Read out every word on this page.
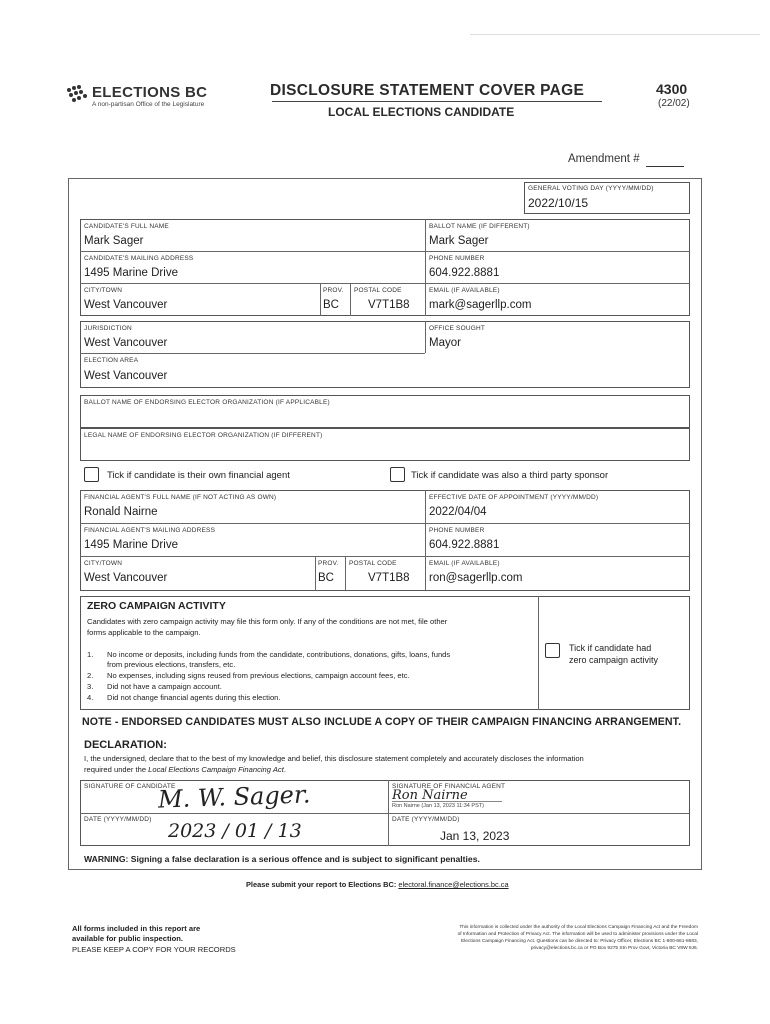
ELECTIONS BC
A non-partisan Office of the Legislature
DISCLOSURE STATEMENT COVER PAGE
LOCAL ELECTIONS CANDIDATE
4300
(22/02)
Amendment #
GENERAL VOTING DAY (YYYY/MM/DD)
2022/10/15
CANDIDATE'S FULL NAME
Mark Sager
BALLOT NAME (IF DIFFERENT)
Mark Sager
CANDIDATE'S MAILING ADDRESS
1495 Marine Drive
PHONE NUMBER
604.922.8881
CITY/TOWN
West Vancouver
PROV.
BC
POSTAL CODE
V7T1B8
EMAIL (IF AVAILABLE)
mark@sagerllp.com
JURISDICTION
West Vancouver
OFFICE SOUGHT
Mayor
ELECTION AREA
West Vancouver
BALLOT NAME OF ENDORSING ELECTOR ORGANIZATION (IF APPLICABLE)
LEGAL NAME OF ENDORSING ELECTOR ORGANIZATION (IF DIFFERENT)
Tick if candidate is their own financial agent	Tick if candidate was also a third party sponsor
FINANCIAL AGENT'S FULL NAME (IF NOT ACTING AS OWN)
Ronald Nairne
EFFECTIVE DATE OF APPOINTMENT (YYYY/MM/DD)
2022/04/04
FINANCIAL AGENT'S MAILING ADDRESS
1495 Marine Drive
PHONE NUMBER
604.922.8881
CITY/TOWN
West Vancouver
PROV.
BC
POSTAL CODE
V7T1B8
EMAIL (IF AVAILABLE)
ron@sagerllp.com
ZERO CAMPAIGN ACTIVITY
Candidates with zero campaign activity may file this form only. If any of the conditions are not met, file other
forms applicable to the campaign.
1. No income or deposits, including funds from the candidate, contributions, donations, gifts, loans, funds
from previous elections, transfers, etc.
2. No expenses, including signs reused from previous elections, campaign account fees, etc.
3. Did not have a campaign account.
4. Did not change financial agents during this election.
Tick if candidate had
zero campaign activity
NOTE - ENDORSED CANDIDATES MUST ALSO INCLUDE A COPY OF THEIR CAMPAIGN FINANCING ARRANGEMENT.
DECLARATION:
I, the undersigned, declare that to the best of my knowledge and belief, this disclosure statement completely and accurately discloses the information
required under the Local Elections Campaign Financing Act.
SIGNATURE OF CANDIDATE
M. W. Sager.	SIGNATURE OF FINANCIAL AGENT
Ron Nairne
Ron Nairne (Jan 13, 2023 11:34 PST)
DATE (YYYY/MM/DD)
2023 / 01 / 13
DATE (YYYY/MM/DD)
Jan 13, 2023
WARNING: Signing a false declaration is a serious offence and is subject to significant penalties.
Please submit your report to Elections BC: electoral.finance@elections.bc.ca
All forms included in this report are
available for public inspection.
PLEASE KEEP A COPY FOR YOUR RECORDS
This information is collected under the authority of the Local Elections Campaign Financing Act and the Freedom
of Information and Protection of Privacy Act. The information will be used to administer provisions under the Local
Elections Campaign Financing Act. Questions can be directed to: Privacy Officer, Elections BC 1-800-661-8683,
privacy@elections.bc.ca or PO Box 9275 Stn Prov Govt, Victoria BC V8W 9J6.
